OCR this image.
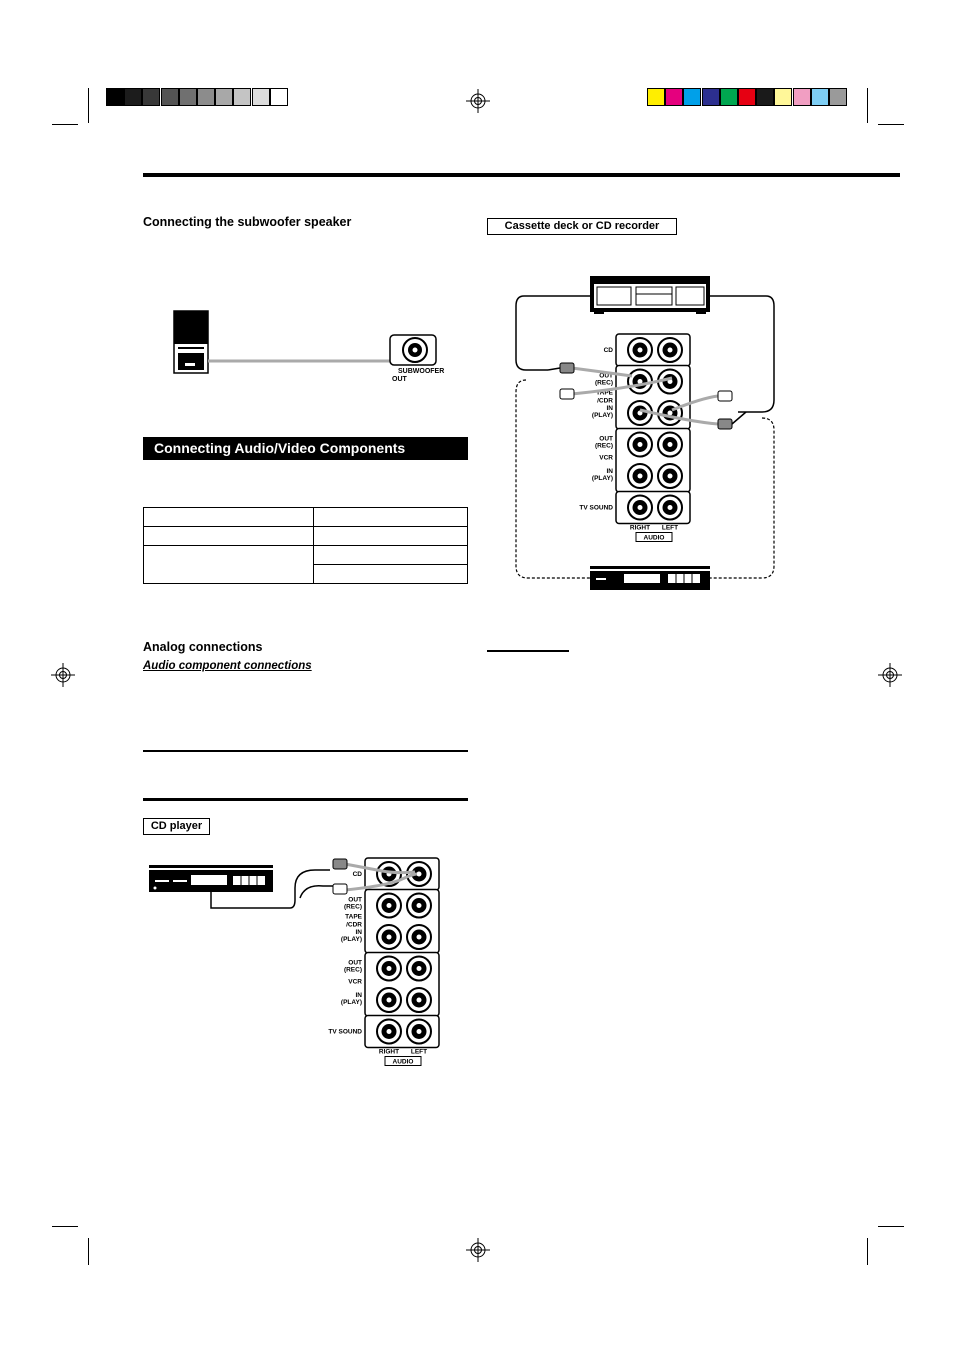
Connecting the subwoofer speaker
SUBWOOFER
OUT
Connecting Audio/Video Components

Analog connections
Audio component connections
CD player
Cassette deck or CD recorder
CD
OUT
(REC)
TAPE
/CDR
IN
(PLAY)
OUT
(REC)
VCR
IN
(PLAY)
TV SOUND
RIGHT LEFT
AUDIO
CD
OUT
(REC)
TAPE
/CDR
IN
(PLAY)
OUT
(REC)
VCR
IN
(PLAY)
TV SOUND
RIGHT LEFT
AUDIO
